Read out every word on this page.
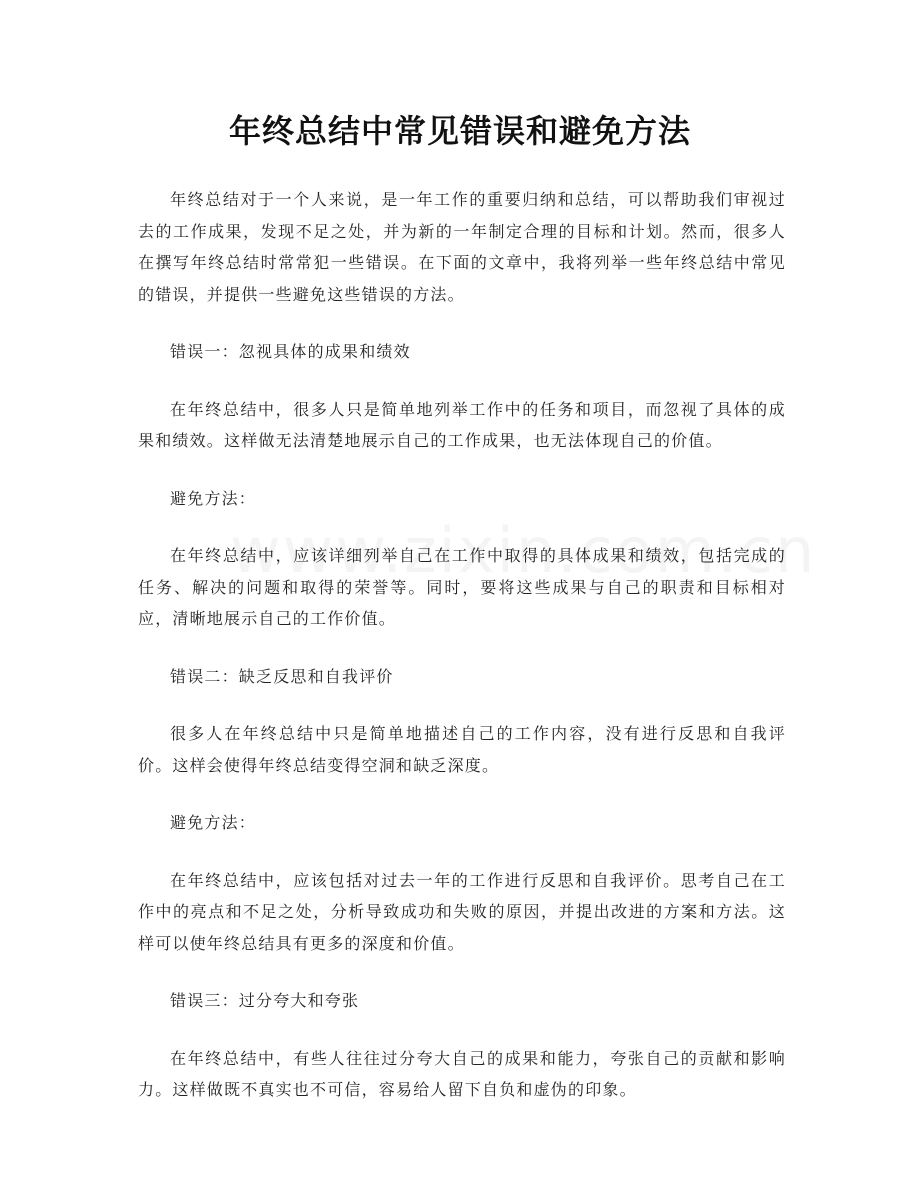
年终总结中常见错误和避免方法

年终总结对于一个人来说，是一年工作的重要归纳和总结，可以帮助我们审视过去的工作成果，发现不足之处，并为新的一年制定合理的目标和计划。然而，很多人在撰写年终总结时常常犯一些错误。在下面的文章中，我将列举一些年终总结中常见的错误，并提供一些避免这些错误的方法。

错误一：忽视具体的成果和绩效

在年终总结中，很多人只是简单地列举工作中的任务和项目，而忽视了具体的成果和绩效。这样做无法清楚地展示自己的工作成果，也无法体现自己的价值。

避免方法：

在年终总结中，应该详细列举自己在工作中取得的具体成果和绩效，包括完成的任务、解决的问题和取得的荣誉等。同时，要将这些成果与自己的职责和目标相对应，清晰地展示自己的工作价值。

错误二：缺乏反思和自我评价

很多人在年终总结中只是简单地描述自己的工作内容，没有进行反思和自我评价。这样会使得年终总结变得空洞和缺乏深度。

避免方法：

在年终总结中，应该包括对过去一年的工作进行反思和自我评价。思考自己在工作中的亮点和不足之处，分析导致成功和失败的原因，并提出改进的方案和方法。这样可以使年终总结具有更多的深度和价值。

错误三：过分夸大和夸张

在年终总结中，有些人往往过分夸大自己的成果和能力，夸张自己的贡献和影响力。这样做既不真实也不可信，容易给人留下自负和虚伪的印象。
